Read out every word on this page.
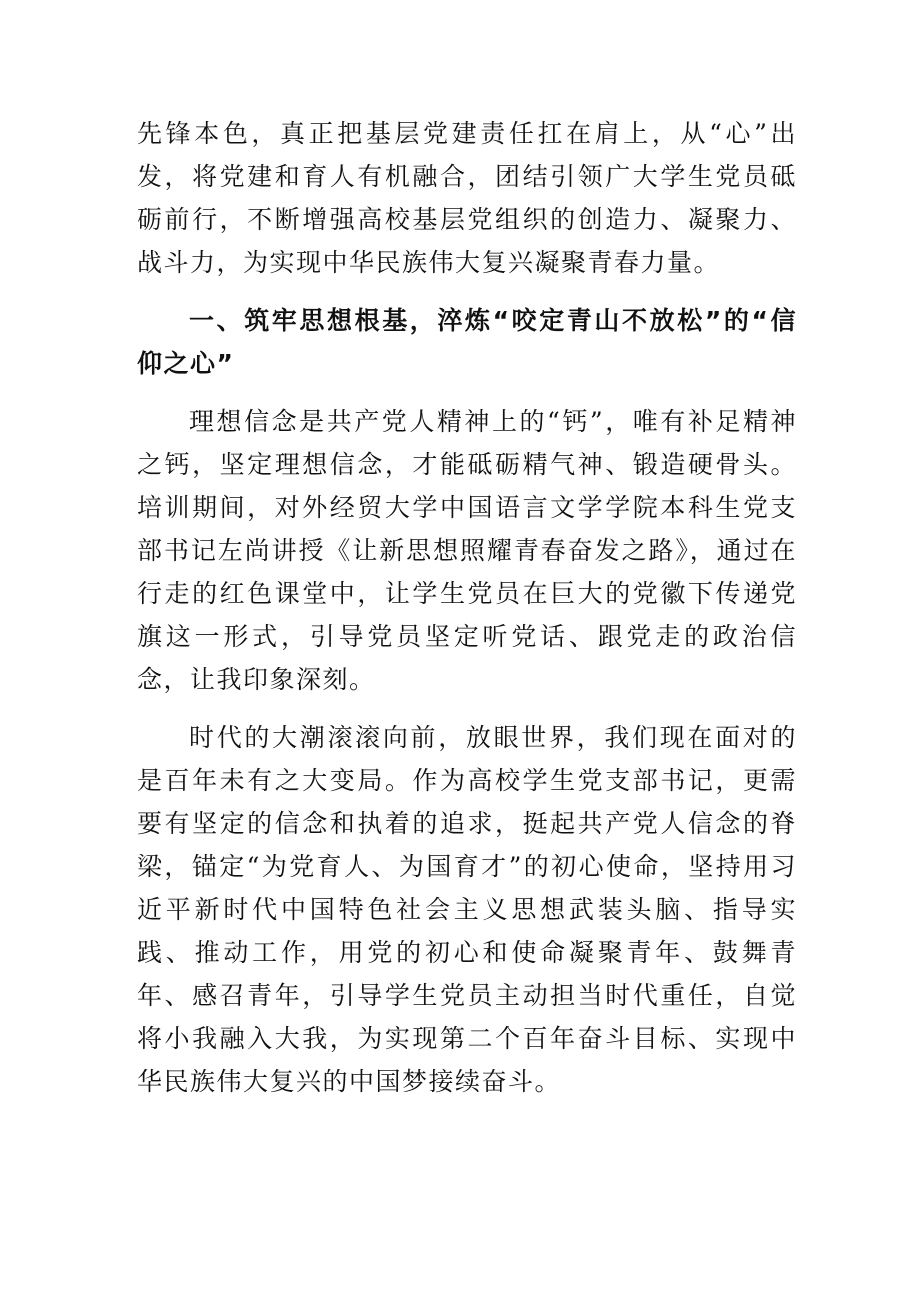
先锋本色，真正把基层党建责任扛在肩上，从“心”出发，将党建和育人有机融合，团结引领广大学生党员砥砺前行，不断增强高校基层党组织的创造力、凝聚力、战斗力，为实现中华民族伟大复兴凝聚青春力量。

一、筑牢思想根基，淬炼“咬定青山不放松”的“信仰之心”

理想信念是共产党人精神上的“钙”，唯有补足精神之钙，坚定理想信念，才能砥砺精气神、锻造硬骨头。培训期间，对外经贸大学中国语言文学学院本科生党支部书记左尚讲授《让新思想照耀青春奋发之路》，通过在行走的红色课堂中，让学生党员在巨大的党徽下传递党旗这一形式，引导党员坚定听党话、跟党走的政治信念，让我印象深刻。

时代的大潮滚滚向前，放眼世界，我们现在面对的是百年未有之大变局。作为高校学生党支部书记，更需要有坚定的信念和执着的追求，挺起共产党人信念的脊梁，锚定“为党育人、为国育才”的初心使命，坚持用习近平新时代中国特色社会主义思想武装头脑、指导实践、推动工作，用党的初心和使命凝聚青年、鼓舞青年、感召青年，引导学生党员主动担当时代重任，自觉将小我融入大我，为实现第二个百年奋斗目标、实现中华民族伟大复兴的中国梦接续奋斗。
